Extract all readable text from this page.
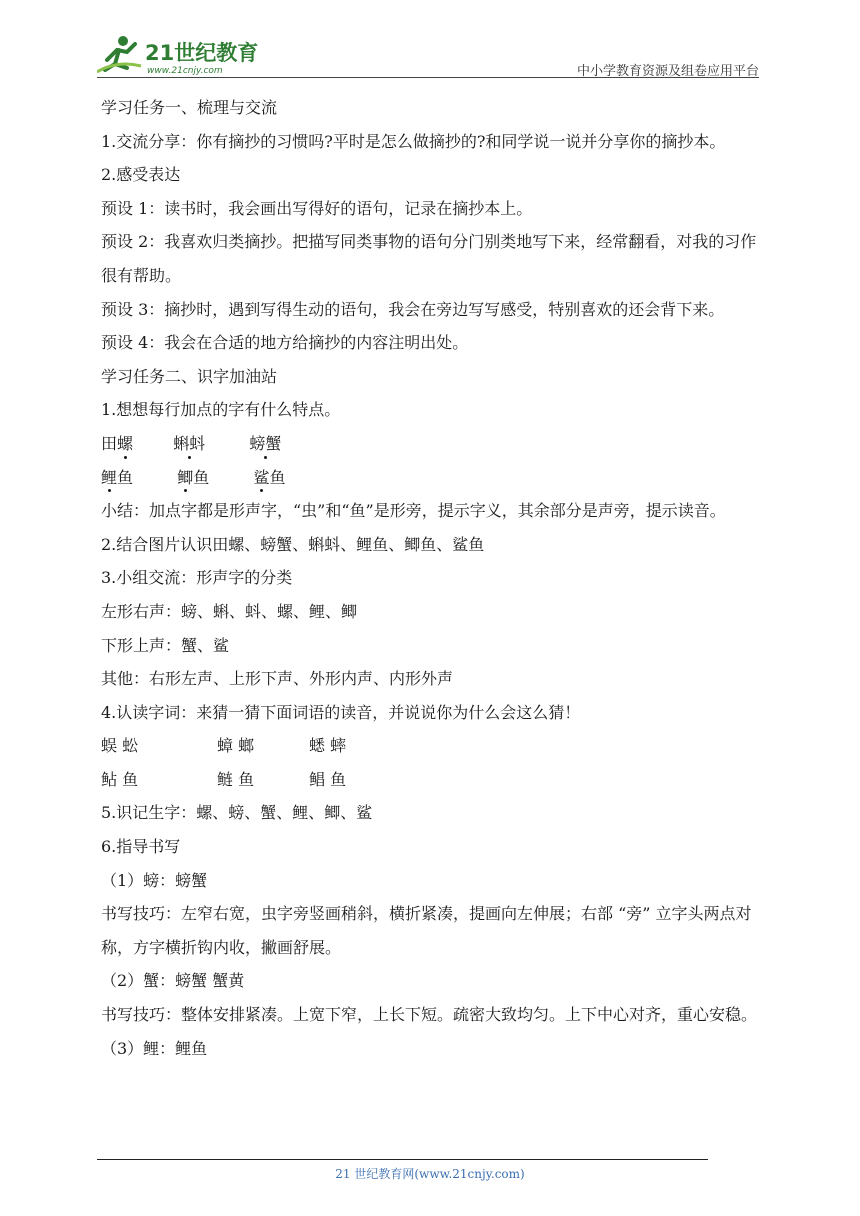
21世纪教育
www.21cnjy.com	中小学教育资源及组卷应用平台
学习任务一、梳理与交流
1.交流分享：你有摘抄的习惯吗?平时是怎么做摘抄的?和同学说一说并分享你的摘抄本。
2.感受表达
预设 1：读书时，我会画出写得好的语句，记录在摘抄本上。
预设 2：我喜欢归类摘抄。把描写同类事物的语句分门别类地写下来，经常翻看，对我的习作很有帮助。
预设 3：摘抄时，遇到写得生动的语句，我会在旁边写写感受，特别喜欢的还会背下来。
预设 4：我会在合适的地方给摘抄的内容注明出处。
学习任务二、识字加油站
1.想想每行加点的字有什么特点。
田螺	蝌蚪	螃蟹
鲤鱼	鲫鱼	鲨鱼
小结：加点字都是形声字，“虫”和“鱼”是形旁，提示字义，其余部分是声旁，提示读音。
2.结合图片认识田螺、螃蟹、蝌蚪、鲤鱼、鲫鱼、鲨鱼
3.小组交流：形声字的分类
左形右声：螃、蝌、蚪、螺、鲤、鲫
下形上声：蟹、鲨
其他：右形左声、上形下声、外形内声、内形外声
4.认读字词：来猜一猜下面词语的读音，并说说你为什么会这么猜！
蜈 蚣	蟑 螂	蟋 蟀
鲇 鱼	鲢 鱼	鲳 鱼
5.识记生字：螺、螃、蟹、鲤、鲫、鲨
6.指导书写
（1）螃：螃蟹
书写技巧：左窄右宽，虫字旁竖画稍斜，横折紧凑，提画向左伸展；右部 “旁” 立字头两点对称，方字横折钩内收，撇画舒展。
（2）蟹：螃蟹 蟹黄
书写技巧：整体安排紧凑。上宽下窄，上长下短。疏密大致均匀。上下中心对齐，重心安稳。
（3）鲤：鲤鱼
21 世纪教育网(www.21cnjy.com)
